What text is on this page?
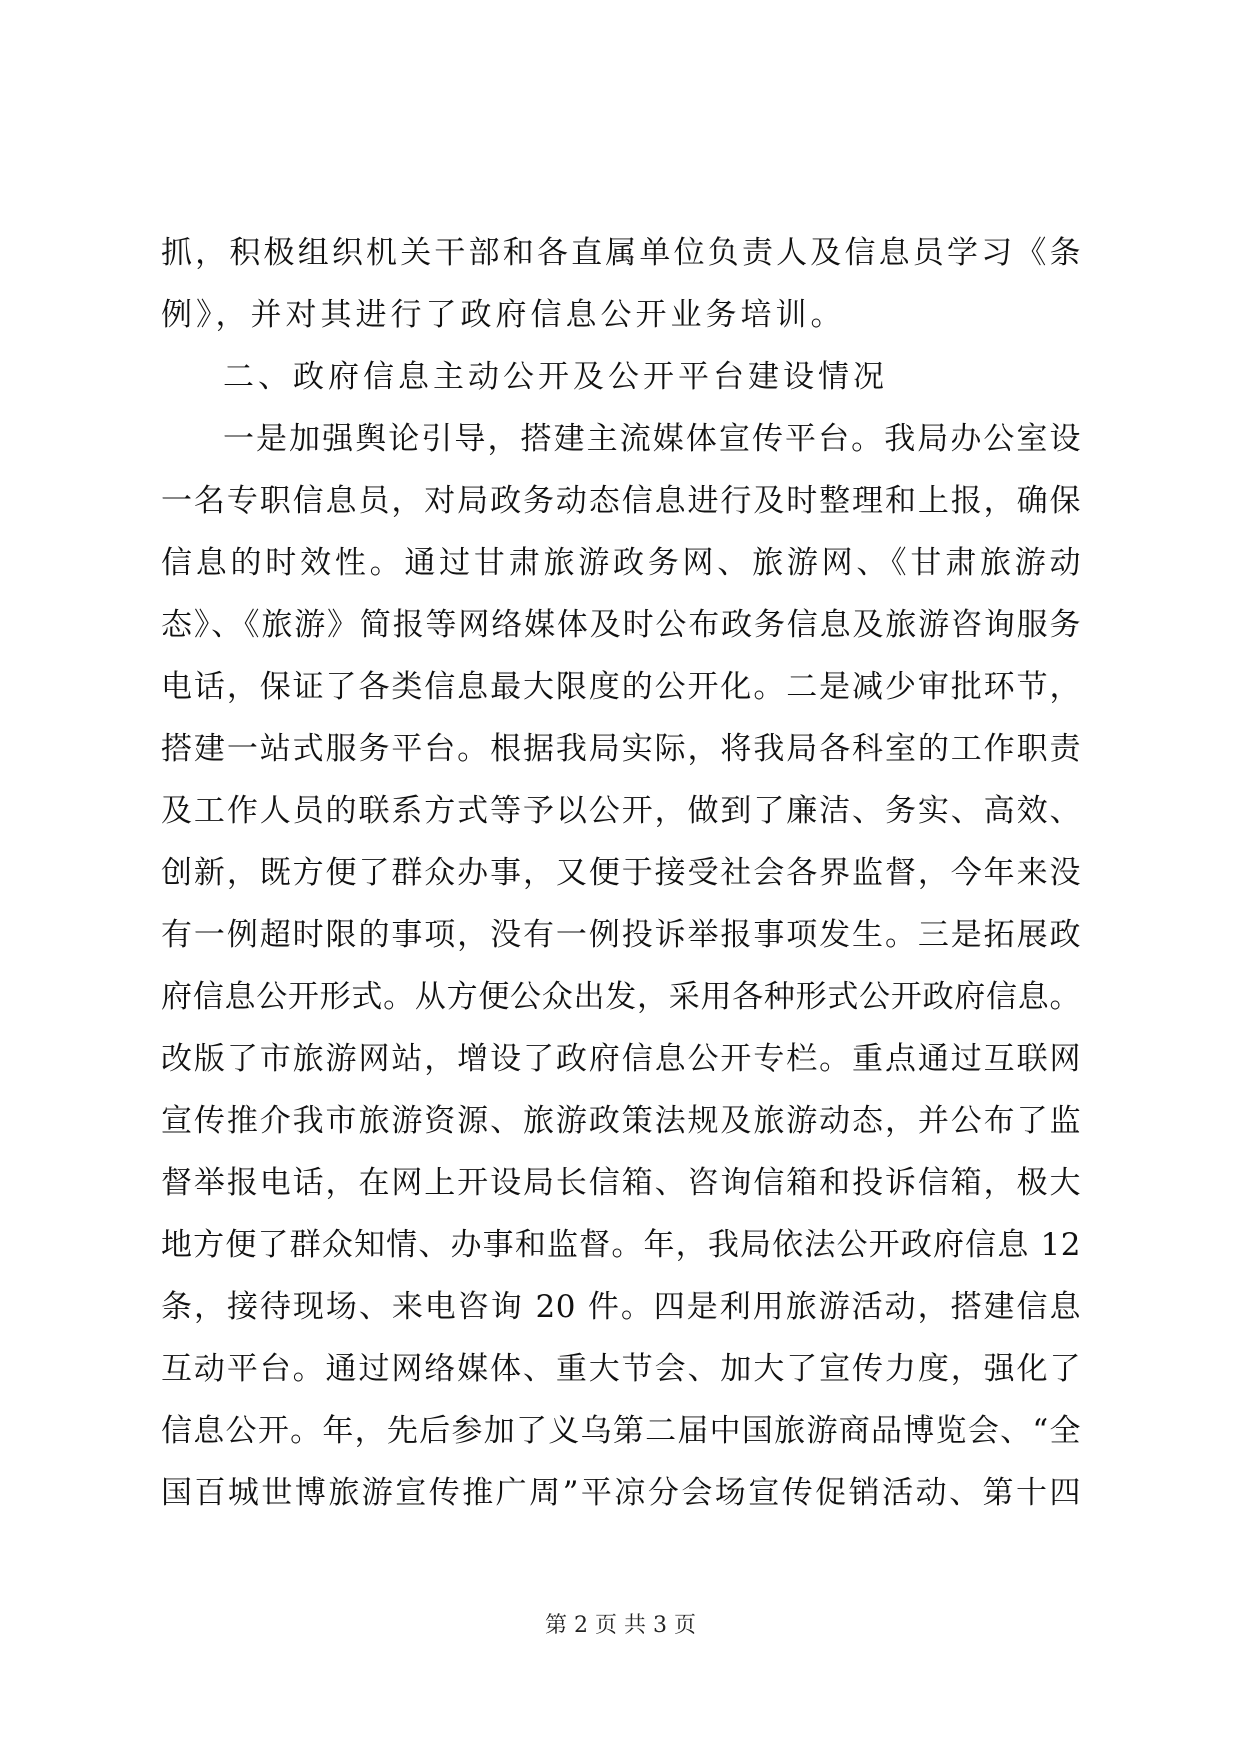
抓，积极组织机关干部和各直属单位负责人及信息员学习《条
例》，并对其进行了政府信息公开业务培训。
二、政府信息主动公开及公开平台建设情况
一是加强舆论引导，搭建主流媒体宣传平台。我局办公室设
一名专职信息员，对局政务动态信息进行及时整理和上报，确保
信息的时效性。通过甘肃旅游政务网、旅游网、《甘肃旅游动
态》、《旅游》简报等网络媒体及时公布政务信息及旅游咨询服务
电话，保证了各类信息最大限度的公开化。二是减少审批环节，
搭建一站式服务平台。根据我局实际，将我局各科室的工作职责
及工作人员的联系方式等予以公开，做到了廉洁、务实、高效、
创新，既方便了群众办事，又便于接受社会各界监督，今年来没
有一例超时限的事项，没有一例投诉举报事项发生。三是拓展政
府信息公开形式。从方便公众出发，采用各种形式公开政府信息。
改版了市旅游网站，增设了政府信息公开专栏。重点通过互联网
宣传推介我市旅游资源、旅游政策法规及旅游动态，并公布了监
督举报电话，在网上开设局长信箱、咨询信箱和投诉信箱，极大
地方便了群众知情、办事和监督。年，我局依法公开政府信息 12
条，接待现场、来电咨询 20 件。四是利用旅游活动，搭建信息
互动平台。通过网络媒体、重大节会、加大了宣传力度，强化了
信息公开。年，先后参加了义乌第二届中国旅游商品博览会、“全
国百城世博旅游宣传推广周”平凉分会场宣传促销活动、第十四
第 2 页 共 3 页
